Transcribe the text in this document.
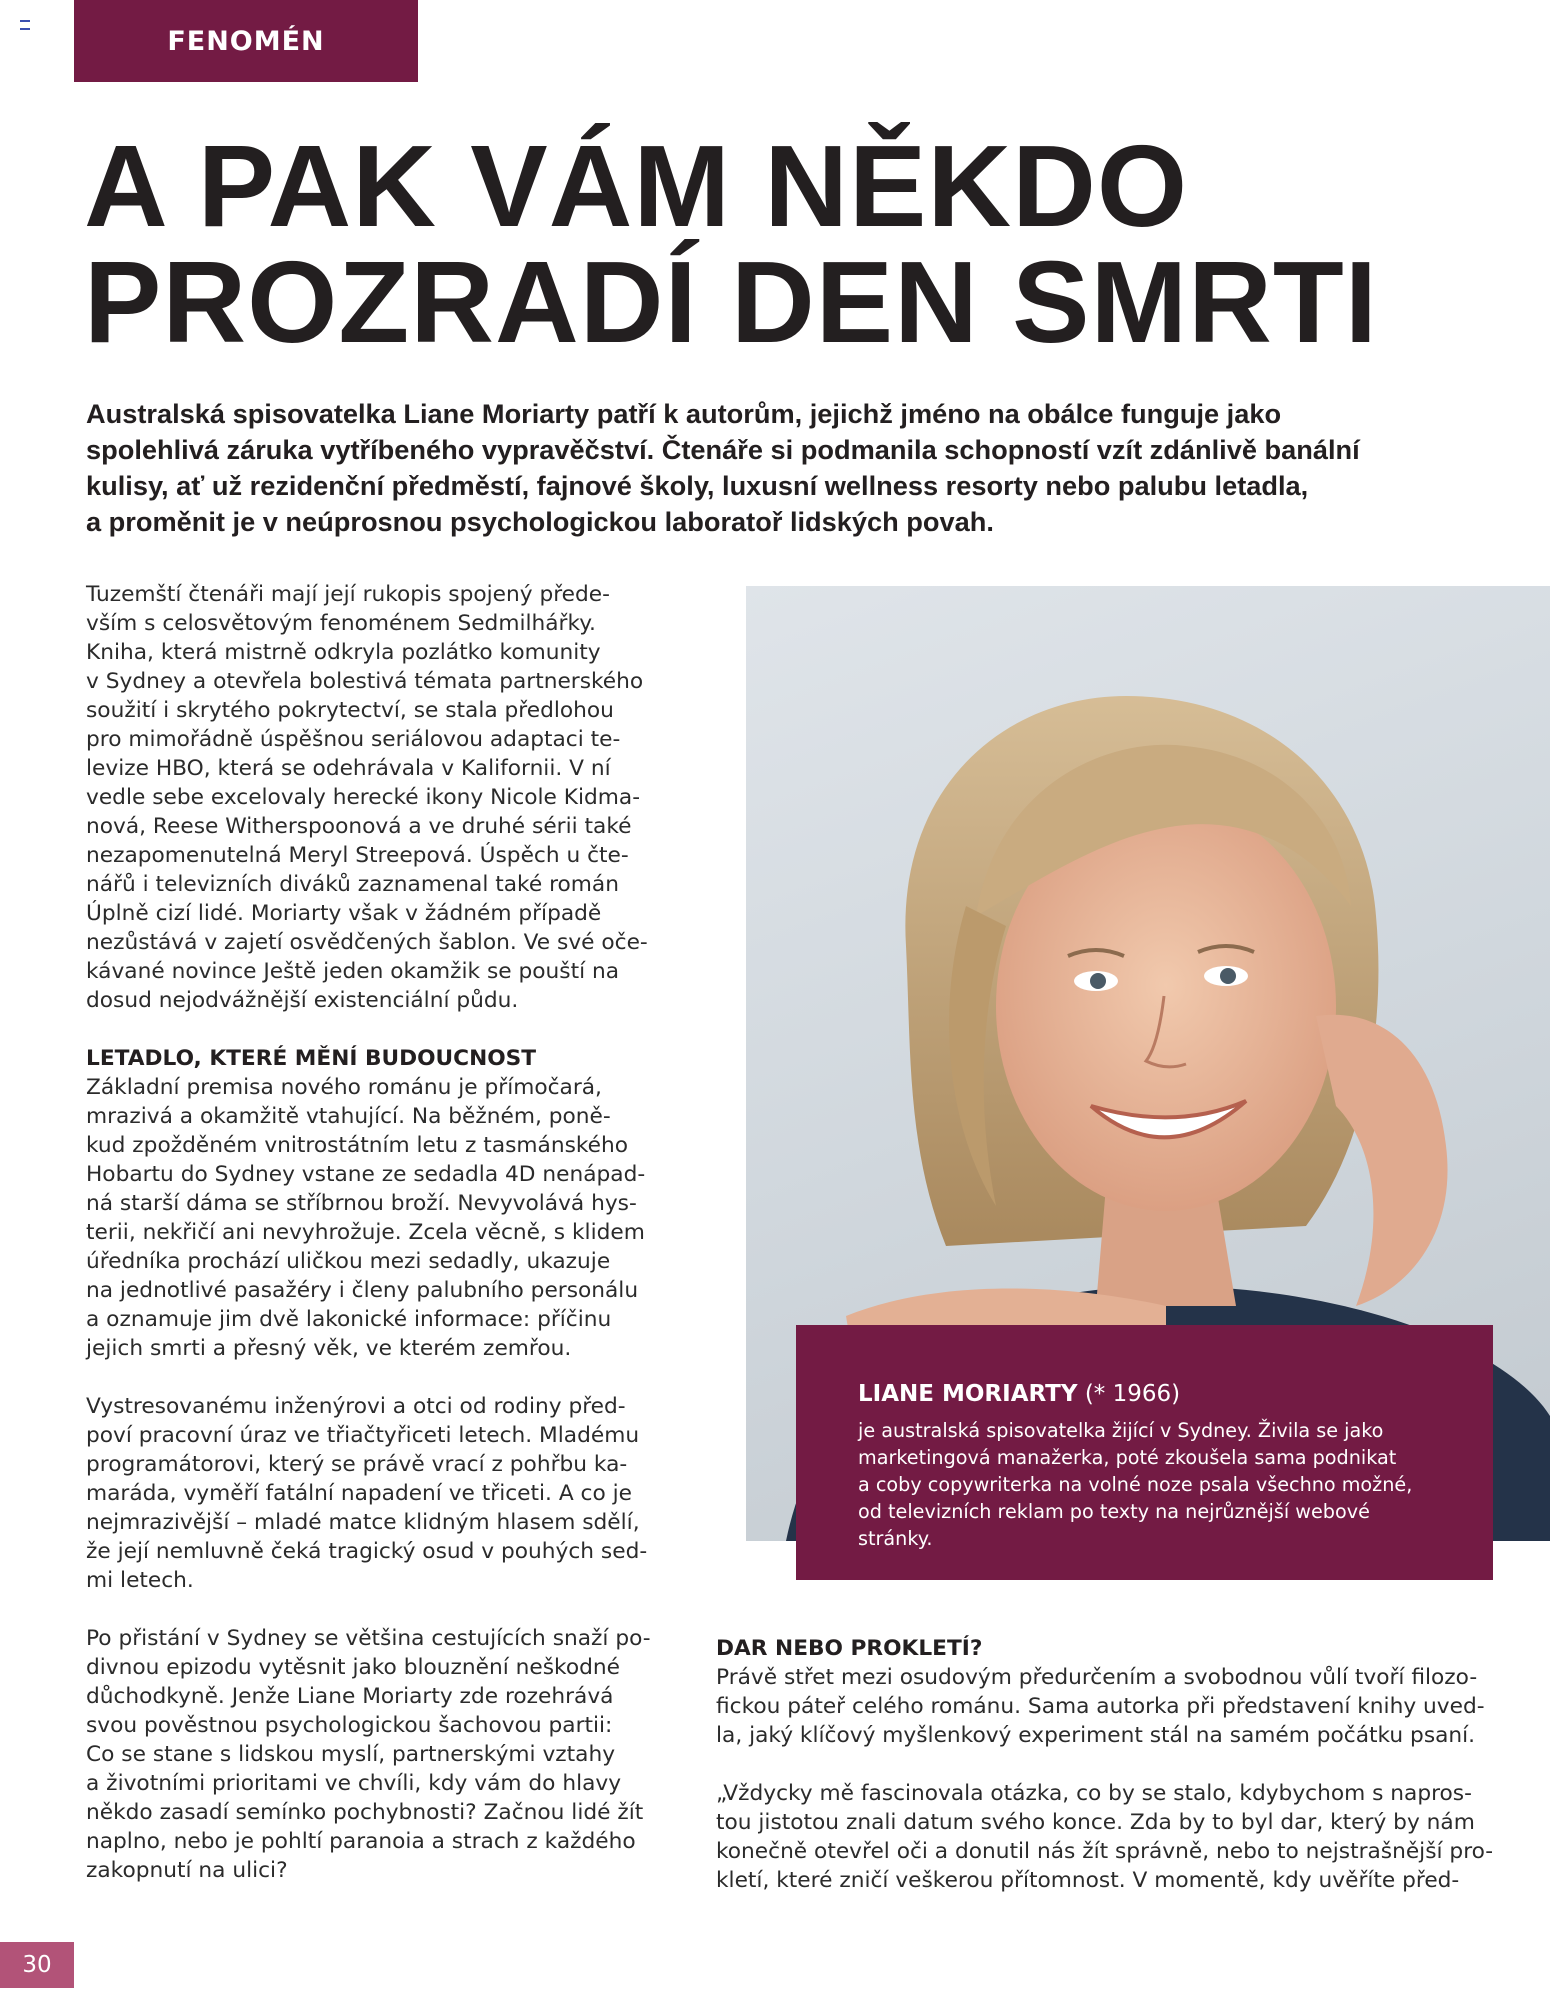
FENOMÉN
A PAK VÁM NĚKDO
PROZRADÍ DEN SMRTI
Australská spisovatelka Liane Moriarty patří k autorům, jejichž jméno na obálce funguje jako
spolehlivá záruka vytříbeného vypravěčství. Čtenáře si podmanila schopností vzít zdánlivě banální
kulisy, ať už rezidenční předměstí, fajnové školy, luxusní wellness resorty nebo palubu letadla,
a proměnit je v neúprosnou psychologickou laboratoř lidských povah.

Tuzemští čtenáři mají její rukopis spojený přede-
vším s celosvětovým fenoménem Sedmilhářky.
Kniha, která mistrně odkryla pozlátko komunity
v Sydney a otevřela bolestivá témata partnerského
soužití i skrytého pokrytectví, se stala předlohou
pro mimořádně úspěšnou seriálovou adaptaci te-
levize HBO, která se odehrávala v Kalifornii. V ní
vedle sebe excelovaly herecké ikony Nicole Kidma-
nová, Reese Witherspoonová a ve druhé sérii také
nezapomenutelná Meryl Streepová. Úspěch u čte-
nářů i televizních diváků zaznamenal také román
Úplně cizí lidé. Moriarty však v žádném případě
nezůstává v zajetí osvědčených šablon. Ve své oče-
kávané novince Ještě jeden okamžik se pouští na
dosud nejodvážnější existenciální půdu.

LETADLO, KTERÉ MĚNÍ BUDOUCNOST

Základní premisa nového románu je přímočará,
mrazivá a okamžitě vtahující. Na běžném, poně-
kud zpožděném vnitrostátním letu z tasmánského
Hobartu do Sydney vstane ze sedadla 4D nenápad-
ná starší dáma se stříbrnou broží. Nevyvolává hys-
terii, nekřičí ani nevyhrožuje. Zcela věcně, s klidem
úředníka prochází uličkou mezi sedadly, ukazuje
na jednotlivé pasažéry i členy palubního personálu
a oznamuje jim dvě lakonické informace: příčinu
jejich smrti a přesný věk, ve kterém zemřou.

Vystresovanému inženýrovi a otci od rodiny před-
poví pracovní úraz ve třiačtyřiceti letech. Mladému
programátorovi, který se právě vrací z pohřbu ka-
maráda, vyměří fatální napadení ve třiceti. A co je
nejmrazivější – mladé matce klidným hlasem sdělí,
že její nemluvně čeká tragický osud v pouhých sed-
mi letech.

Po přistání v Sydney se většina cestujících snaží po-
divnou epizodu vytěsnit jako blouznění neškodné
důchodkyně. Jenže Liane Moriarty zde rozehrává
svou pověstnou psychologickou šachovou partii:
Co se stane s lidskou myslí, partnerskými vztahy
a životními prioritami ve chvíli, kdy vám do hlavy
někdo zasadí semínko pochybnosti? Začnou lidé žít
naplno, nebo je pohltí paranoia a strach z každého
zakopnutí na ulici?

LIANE MORIARTY (* 1966)

je australská spisovatelka žijící v Sydney. Živila se jako
marketingová manažerka, poté zkoušela sama podnikat
a coby copywriterka na volné noze psala všechno možné,
od televizních reklam po texty na nejrůznější webové stránky.

DAR NEBO PROKLETÍ?

Právě střet mezi osudovým předurčením a svobodnou vůlí tvoří filozo-
fickou páteř celého románu. Sama autorka při představení knihy uved-
la, jaký klíčový myšlenkový experiment stál na samém počátku psaní.

„Vždycky mě fascinovala otázka, co by se stalo, kdybychom s napros-
tou jistotou znali datum svého konce. Zda by to byl dar, který by nám
konečně otevřel oči a donutil nás žít správně, nebo to nejstrašnější pro-
kletí, které zničí veškerou přítomnost. V momentě, kdy uvěříte před-

30
